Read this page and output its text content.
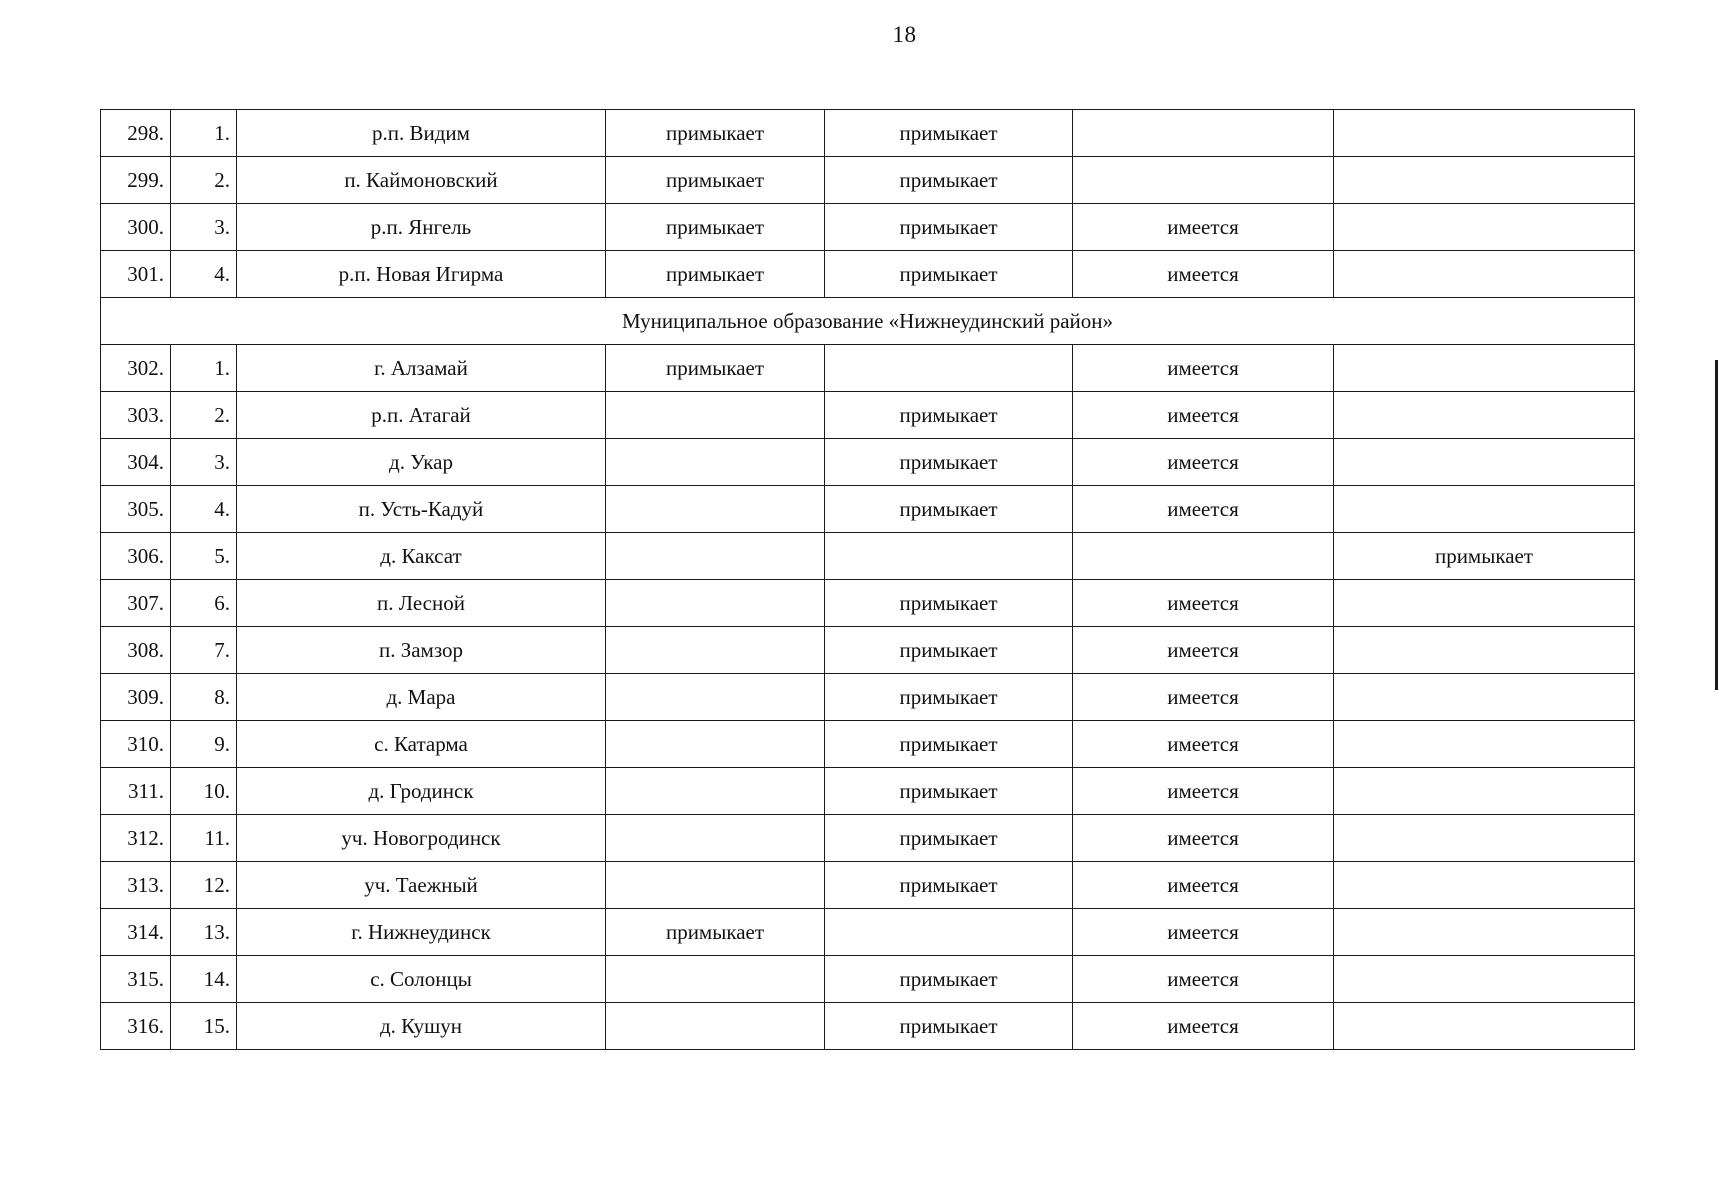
18
298.	1.	р.п. Видим	примыкает	примыкает		
299.	2.	п. Каймоновский	примыкает	примыкает		
300.	3.	р.п. Янгель	примыкает	примыкает	имеется	
301.	4.	р.п. Новая Игирма	примыкает	примыкает	имеется	
Муниципальное образование «Нижнеудинский район»						
302.	1.	г. Алзамай	примыкает		имеется	
303.	2.	р.п. Атагай		примыкает	имеется	
304.	3.	д. Укар		примыкает	имеется	
305.	4.	п. Усть-Кадуй		примыкает	имеется	
306.	5.	д. Каксат				примыкает
307.	6.	п. Лесной		примыкает	имеется	
308.	7.	п. Замзор		примыкает	имеется	
309.	8.	д. Мара		примыкает	имеется	
310.	9.	с. Катарма		примыкает	имеется	
311.	10.	д. Гродинск		примыкает	имеется	
312.	11.	уч. Новогродинск		примыкает	имеется	
313.	12.	уч. Таежный		примыкает	имеется	
314.	13.	г. Нижнеудинск	примыкает		имеется	
315.	14.	с. Солонцы		примыкает	имеется	
316.	15.	д. Кушун		примыкает	имеется	
